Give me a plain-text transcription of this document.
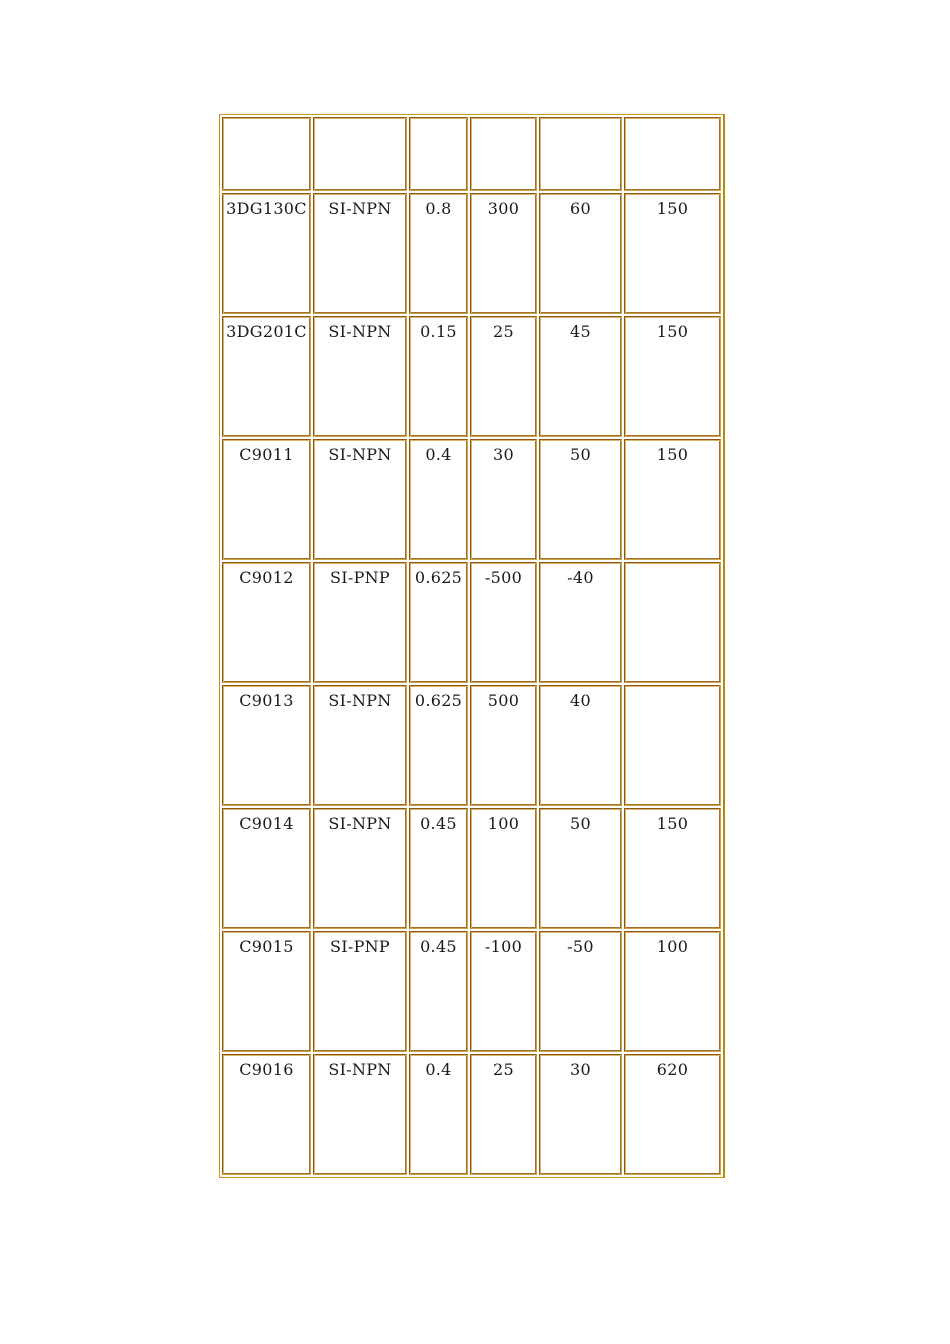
3DG130C	SI-NPN	0.8	300	60	150
3DG201C	SI-NPN	0.15	25	45	150
C9011	SI-NPN	0.4	30	50	150
C9012	SI-PNP	0.625	-500	-40	
C9013	SI-NPN	0.625	500	40	
C9014	SI-NPN	0.45	100	50	150
C9015	SI-PNP	0.45	-100	-50	100
C9016	SI-NPN	0.4	25	30	620
